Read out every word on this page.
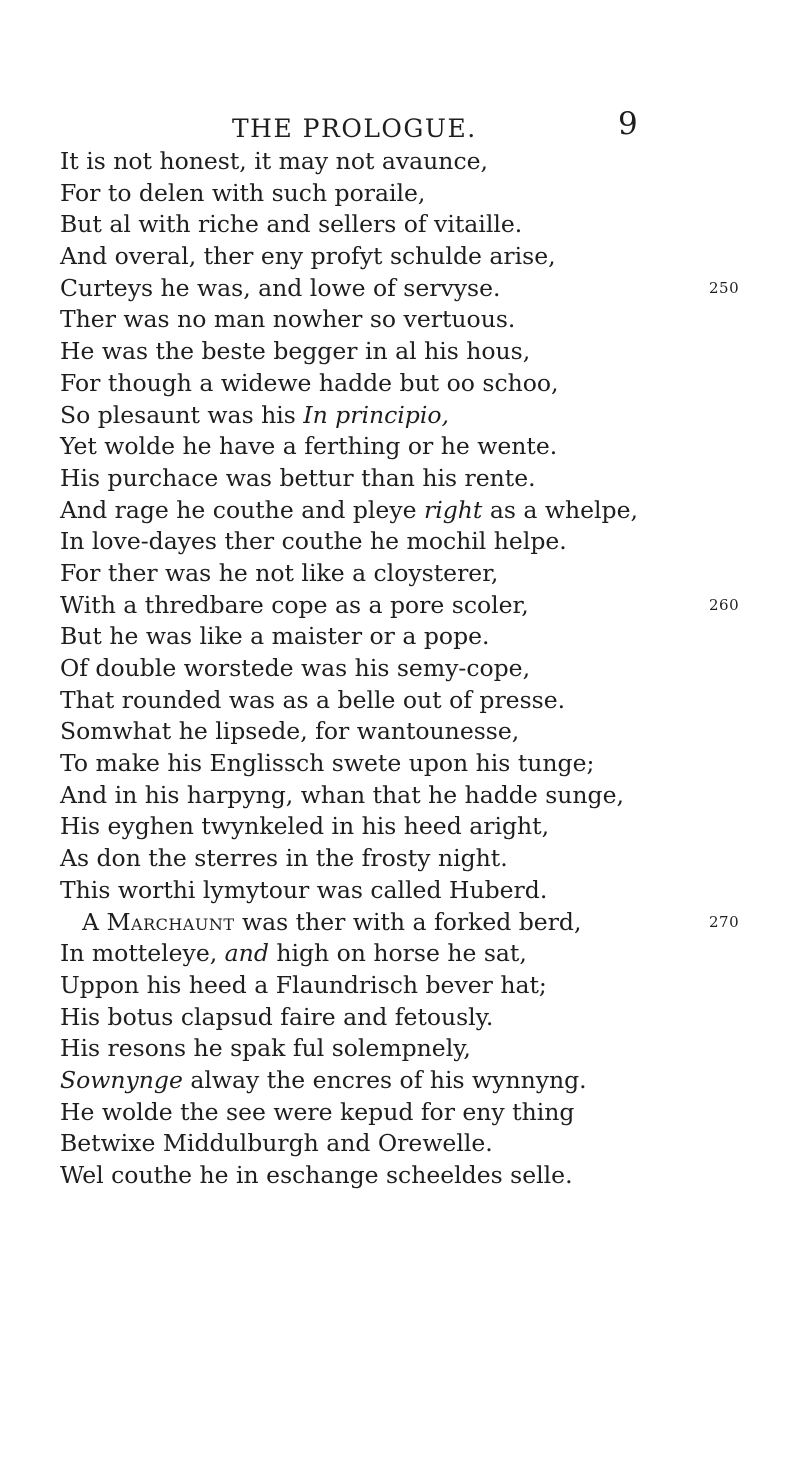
THE PROLOGUE.	9
It is not honest, it may not avaunce,
For to delen with such poraile,
But al with riche and sellers of vitaille.
And overal, ther eny profyt schulde arise,
Curteys he was, and lowe of servyse.	250
Ther was no man nowher so vertuous.
He was the beste begger in al his hous,
For though a widewe hadde but oo schoo,
So plesaunt was his In principio,
Yet wolde he have a ferthing or he wente.
His purchace was bettur than his rente.
And rage he couthe and pleye right as a whelpe,
In love-dayes ther couthe he mochil helpe.
For ther was he not like a cloysterer,
With a thredbare cope as a pore scoler,	260
But he was like a maister or a pope.
Of double worstede was his semy-cope,
That rounded was as a belle out of presse.
Somwhat he lipsede, for wantounesse,
To make his Englissch swete upon his tunge;
And in his harpyng, whan that he hadde sunge,
His eyghen twynkeled in his heed aright,
As don the sterres in the frosty night.
This worthi lymytour was called Huberd.
A Marchaunt was ther with a forked berd,	270
In motteleye, and high on horse he sat,
Uppon his heed a Flaundrisch bever hat;
His botus clapsud faire and fetously.
His resons he spak ful solempnely,
Sownynge alway the encres of his wynnyng.
He wolde the see were kepud for eny thing
Betwixe Middulburgh and Orewelle.
Wel couthe he in eschange scheeldes selle.
